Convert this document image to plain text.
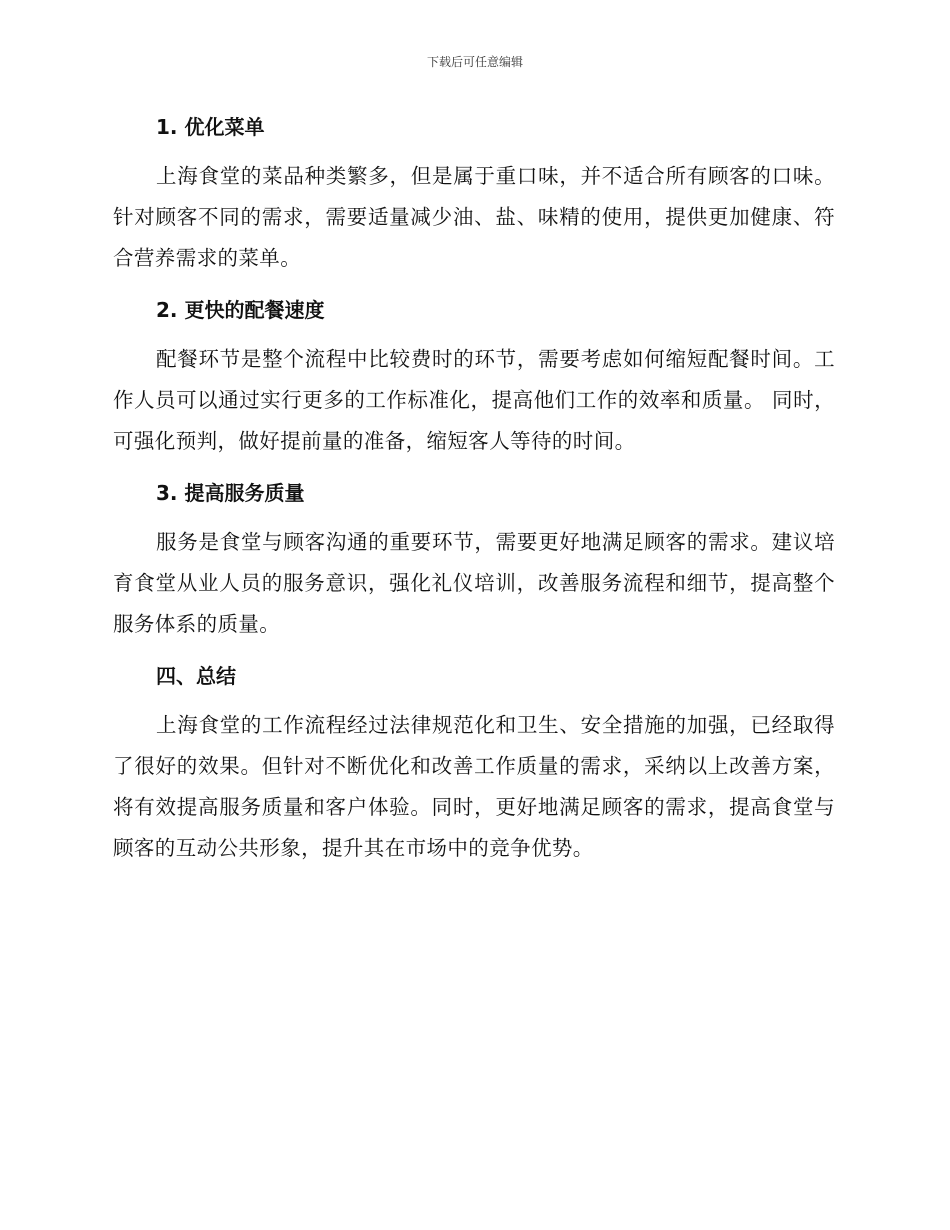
下载后可任意编辑
1. 优化菜单

上海食堂的菜品种类繁多，但是属于重口味，并不适合所有顾客的口味。针对顾客不同的需求，需要适量减少油、盐、味精的使用，提供更加健康、符合营养需求的菜单。

2. 更快的配餐速度

配餐环节是整个流程中比较费时的环节，需要考虑如何缩短配餐时间。工作人员可以通过实行更多的工作标准化，提高他们工作的效率和质量。 同时，可强化预判，做好提前量的准备，缩短客人等待的时间。

3. 提高服务质量

服务是食堂与顾客沟通的重要环节，需要更好地满足顾客的需求。建议培育食堂从业人员的服务意识，强化礼仪培训，改善服务流程和细节，提高整个服务体系的质量。

四、总结

上海食堂的工作流程经过法律规范化和卫生、安全措施的加强，已经取得了很好的效果。但针对不断优化和改善工作质量的需求，采纳以上改善方案，将有效提高服务质量和客户体验。同时，更好地满足顾客的需求，提高食堂与顾客的互动公共形象，提升其在市场中的竞争优势。
